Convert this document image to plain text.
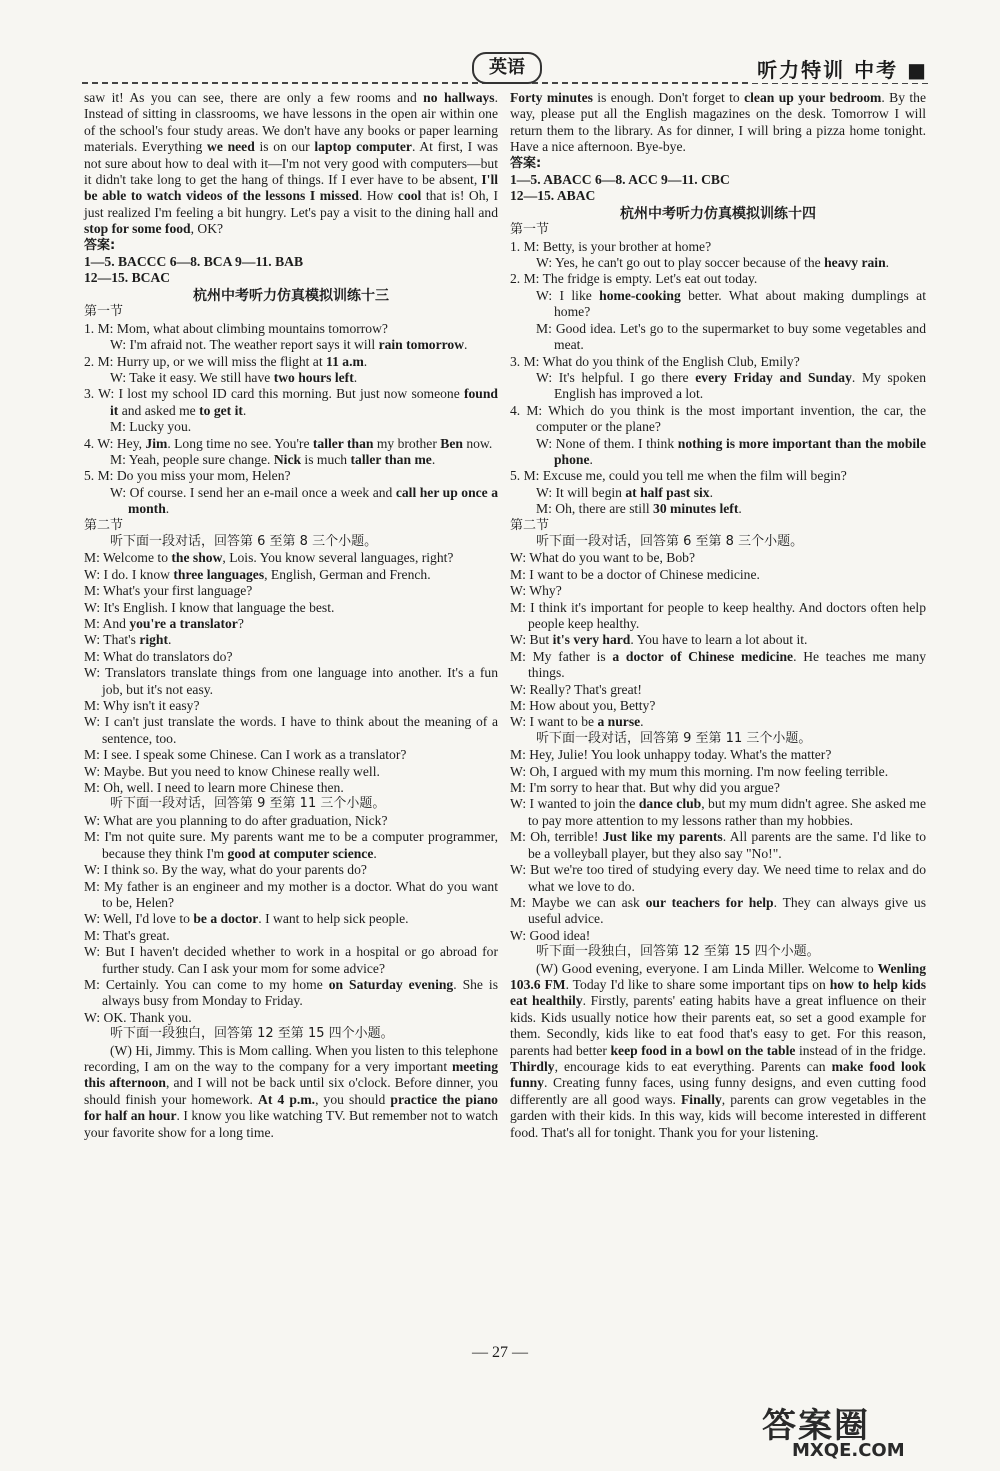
英语	听力特训 中考 ■

saw it! As you can see, there are only a few rooms and no hallways. Instead of sitting in classrooms, we have lessons in the open air within one of the school's four study areas. We don't have any books or paper learning materials. Everything we need is on our laptop computer. At first, I was not sure about how to deal with it—I'm not very good with computers—but it didn't take long to get the hang of things. If I ever have to be absent, I'll be able to watch videos of the lessons I missed. How cool that is! Oh, I just realized I'm feeling a bit hungry. Let's pay a visit to the dining hall and stop for some food, OK?

答案:

1—5. BACCC 6—8. BCA 9—11. BAB

12—15. BCAC

杭州中考听力仿真模拟训练十三

第一节

1. M: Mom, what about climbing mountains tomorrow?

W: I'm afraid not. The weather report says it will rain tomorrow.

2. M: Hurry up, or we will miss the flight at 11 a.m.

W: Take it easy. We still have two hours left.

3. W: I lost my school ID card this morning. But just now someone found it and asked me to get it.

M: Lucky you.

4. W: Hey, Jim. Long time no see. You're taller than my brother Ben now.

M: Yeah, people sure change. Nick is much taller than me.

5. M: Do you miss your mom, Helen?

W: Of course. I send her an e-mail once a week and call her up once a month.

第二节

听下面一段对话，回答第 6 至第 8 三个小题。

M: Welcome to the show, Lois. You know several languages, right?

W: I do. I know three languages, English, German and French.

M: What's your first language?

W: It's English. I know that language the best.

M: And you're a translator?

W: That's right.

M: What do translators do?

W: Translators translate things from one language into another. It's a fun job, but it's not easy.

M: Why isn't it easy?

W: I can't just translate the words. I have to think about the meaning of a sentence, too.

M: I see. I speak some Chinese. Can I work as a translator?

W: Maybe. But you need to know Chinese really well.

M: Oh, well. I need to learn more Chinese then.

听下面一段对话，回答第 9 至第 11 三个小题。

W: What are you planning to do after graduation, Nick?

M: I'm not quite sure. My parents want me to be a computer programmer, because they think I'm good at computer science.

W: I think so. By the way, what do your parents do?

M: My father is an engineer and my mother is a doctor. What do you want to be, Helen?

W: Well, I'd love to be a doctor. I want to help sick people.

M: That's great.

W: But I haven't decided whether to work in a hospital or go abroad for further study. Can I ask your mom for some advice?

M: Certainly. You can come to my home on Saturday evening. She is always busy from Monday to Friday.

W: OK. Thank you.

听下面一段独白，回答第 12 至第 15 四个小题。

(W) Hi, Jimmy. This is Mom calling. When you listen to this telephone recording, I am on the way to the company for a very important meeting this afternoon, and I will not be back until six o'clock. Before dinner, you should finish your homework. At 4 p.m., you should practice the piano for half an hour. I know you like watching TV. But remember not to watch your favorite show for a long time.

Forty minutes is enough. Don't forget to clean up your bedroom. By the way, please put all the English magazines on the desk. Tomorrow I will return them to the library. As for dinner, I will bring a pizza home tonight. Have a nice afternoon. Bye-bye.

答案:

1—5. ABACC 6—8. ACC 9—11. CBC

12—15. ABAC

杭州中考听力仿真模拟训练十四

第一节

1. M: Betty, is your brother at home?

W: Yes, he can't go out to play soccer because of the heavy rain.

2. M: The fridge is empty. Let's eat out today.

W: I like home-cooking better. What about making dumplings at home?

M: Good idea. Let's go to the supermarket to buy some vegetables and meat.

3. M: What do you think of the English Club, Emily?

W: It's helpful. I go there every Friday and Sunday. My spoken English has improved a lot.

4. M: Which do you think is the most important invention, the car, the computer or the plane?

W: None of them. I think nothing is more important than the mobile phone.

5. M: Excuse me, could you tell me when the film will begin?

W: It will begin at half past six.

M: Oh, there are still 30 minutes left.

第二节

听下面一段对话，回答第 6 至第 8 三个小题。

W: What do you want to be, Bob?

M: I want to be a doctor of Chinese medicine.

W: Why?

M: I think it's important for people to keep healthy. And doctors often help people keep healthy.

W: But it's very hard. You have to learn a lot about it.

M: My father is a doctor of Chinese medicine. He teaches me many things.

W: Really? That's great!

M: How about you, Betty?

W: I want to be a nurse.

听下面一段对话，回答第 9 至第 11 三个小题。

M: Hey, Julie! You look unhappy today. What's the matter?

W: Oh, I argued with my mum this morning. I'm now feeling terrible.

M: I'm sorry to hear that. But why did you argue?

W: I wanted to join the dance club, but my mum didn't agree. She asked me to pay more attention to my lessons rather than my hobbies.

M: Oh, terrible! Just like my parents. All parents are the same. I'd like to be a volleyball player, but they also say "No!".

W: But we're too tired of studying every day. We need time to relax and do what we love to do.

M: Maybe we can ask our teachers for help. They can always give us useful advice.

W: Good idea!

听下面一段独白，回答第 12 至第 15 四个小题。

(W) Good evening, everyone. I am Linda Miller. Welcome to Wenling 103.6 FM. Today I'd like to share some important tips on how to help kids eat healthily. Firstly, parents' eating habits have a great influence on their kids. Kids usually notice how their parents eat, so set a good example for them. Secondly, kids like to eat food that's easy to get. For this reason, parents had better keep food in a bowl on the table instead of in the fridge. Thirdly, encourage kids to eat everything. Parents can make food look funny. Creating funny faces, using funny designs, and even cutting food differently are all good ways. Finally, parents can grow vegetables in the garden with their kids. In this way, kids will become interested in different food. That's all for tonight. Thank you for your listening.

— 27 —
答案圈
MXQE.COM
